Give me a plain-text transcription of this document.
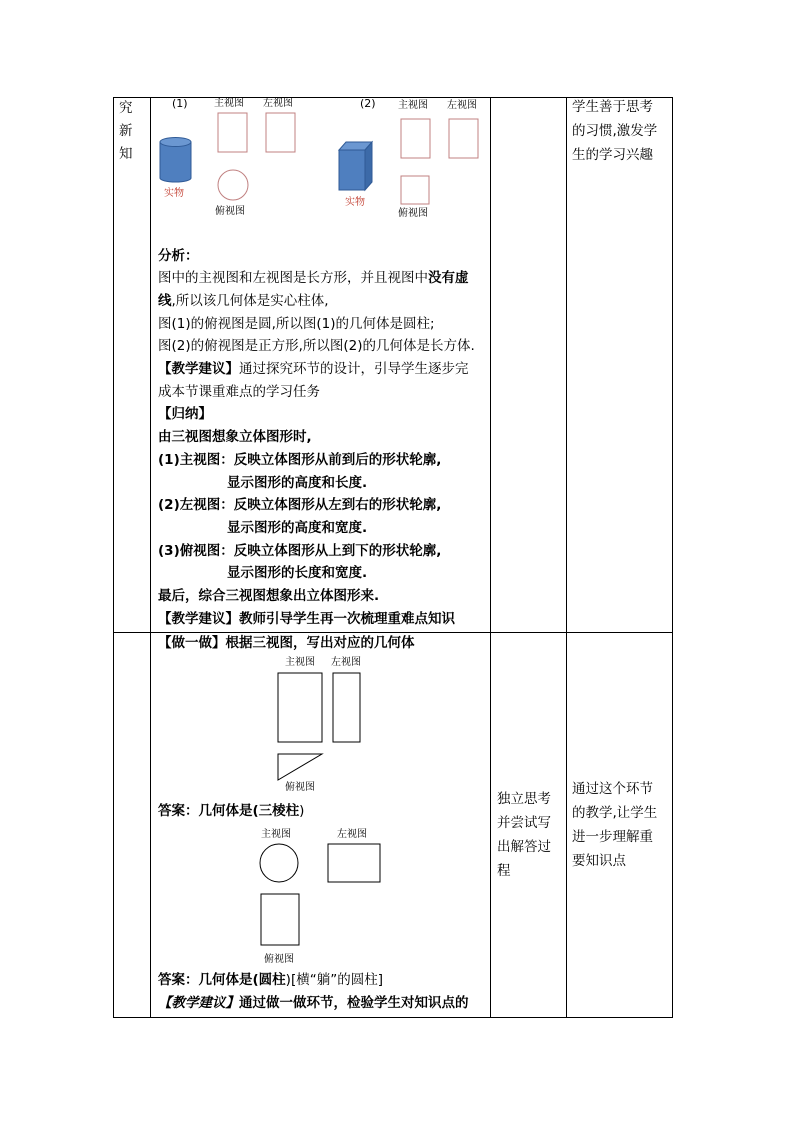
究
新
知
(1)	主视图 左视图
实物
俯视图
(2) 主视图 左视图
实物
俯视图
分析：
图中的主视图和左视图是长方形，并且视图中没有虚
线,所以该几何体是实心柱体,
图(1)的俯视图是圆,所以图(1)的几何体是圆柱;
图(2)的俯视图是正方形,所以图(2)的几何体是长方体.
【教学建议】通过探究环节的设计，引导学生逐步完
成本节课重难点的学习任务
【归纳】
由三视图想象立体图形时,
(1)主视图：反映立体图形从前到后的形状轮廓,
显示图形的高度和长度.
(2)左视图：反映立体图形从左到右的形状轮廓,
显示图形的高度和宽度.
(3)俯视图：反映立体图形从上到下的形状轮廓,
显示图形的长度和宽度.
最后，综合三视图想象出立体图形来.
【教学建议】教师引导学生再一次梳理重难点知识
学生善于思考
的习惯,激发学
生的学习兴趣
【做一做】根据三视图，写出对应的几何体
主视图 左视图
俯视图
答案：几何体是(三棱柱)
主视图	左视图
俯视图
答案：几何体是(圆柱)[横“躺”的圆柱]
【教学建议】通过做一做环节，检验学生对知识点的
独立思考
并尝试写
出解答过
程
通过这个环节
的教学,让学生
进一步理解重
要知识点
